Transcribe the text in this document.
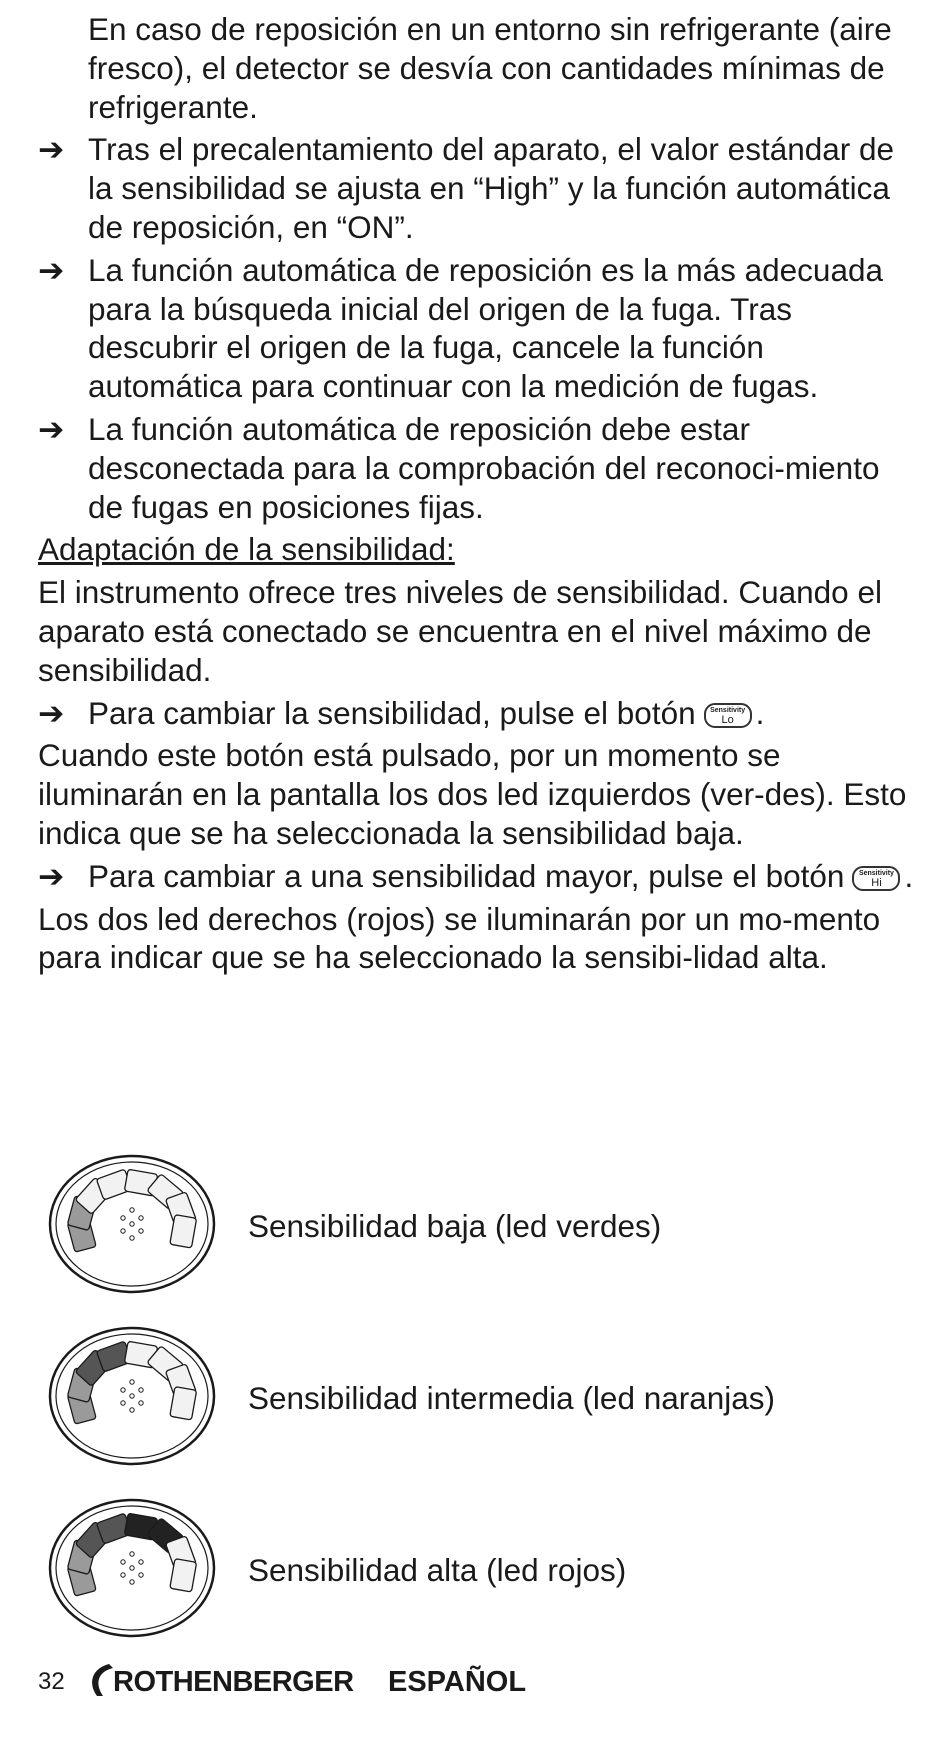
En caso de reposición en un entorno sin refrigerante (aire fresco), el detector se desvía con cantidades mínimas de refrigerante.

➔ Tras el precalentamiento del aparato, el valor estándar de la sensibilidad se ajusta en “High” y la función automática de reposición, en “ON”.

➔ La función automática de reposición es la más adecuada para la búsqueda inicial del origen de la fuga. Tras descubrir el origen de la fuga, cancele la función automática para continuar con la medición de fugas.

➔ La función automática de reposición debe estar desconectada para la comprobación del reconoci-miento de fugas en posiciones fijas.

Adaptación de la sensibilidad:

El instrumento ofrece tres niveles de sensibilidad. Cuando el aparato está conectado se encuentra en el nivel máximo de sensibilidad.

➔ Para cambiar la sensibilidad, pulse el botón	Sensitivity
Lo .

Cuando este botón está pulsado, por un momento se iluminarán en la pantalla los dos led izquierdos (ver-des). Esto indica que se ha seleccionada la sensibilidad baja.

➔ Para cambiar a una sensibilidad mayor, pulse el botón	Sensitivity
Hi .

Los dos led derechos (rojos) se iluminarán por un mo-mento para indicar que se ha seleccionado la sensibi-lidad alta.

Sensibilidad baja (led verdes)
Sensibilidad intermedia (led naranjas)
Sensibilidad alta (led rojos)
32 ROTHENBERGER ESPAÑOL
